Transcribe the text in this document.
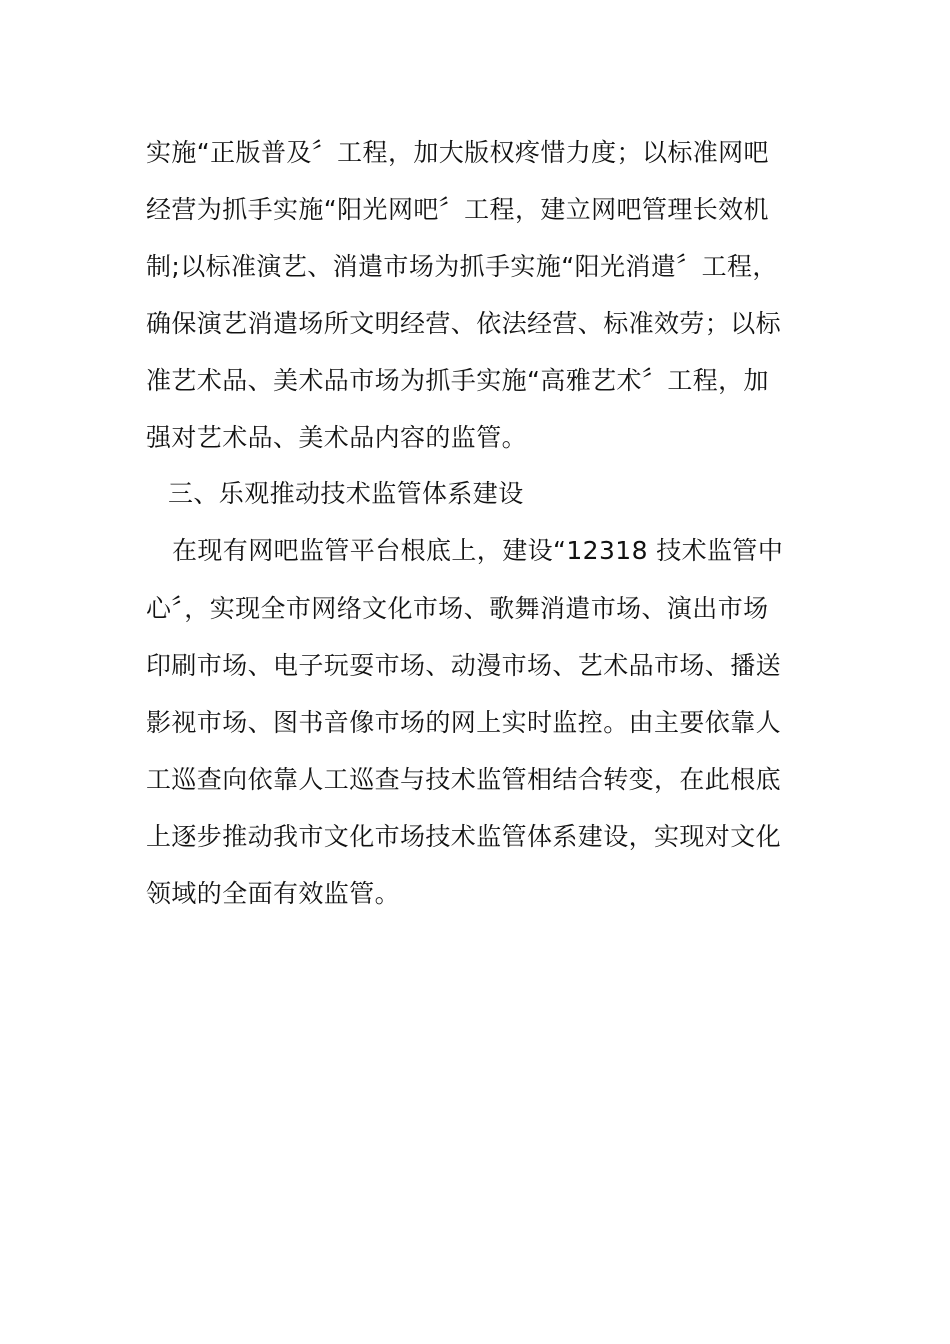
实施“正版普及〞工程，加大版权疼惜力度；以标准网吧
经营为抓手实施“阳光网吧〞工程，建立网吧管理长效机
制;以标准演艺、消遣市场为抓手实施“阳光消遣〞工程，
确保演艺消遣场所文明经营、依法经营、标准效劳；以标
准艺术品、美术品市场为抓手实施“高雅艺术〞工程，加
强对艺术品、美术品内容的监管。
三、乐观推动技术监管体系建设
在现有网吧监管平台根底上，建设“12318 技术监管中
心〞，实现全市网络文化市场、歌舞消遣市场、演出市场
印刷市场、电子玩耍市场、动漫市场、艺术品市场、播送
影视市场、图书音像市场的网上实时监控。由主要依靠人
工巡查向依靠人工巡查与技术监管相结合转变，在此根底
上逐步推动我市文化市场技术监管体系建设，实现对文化
领域的全面有效监管。
